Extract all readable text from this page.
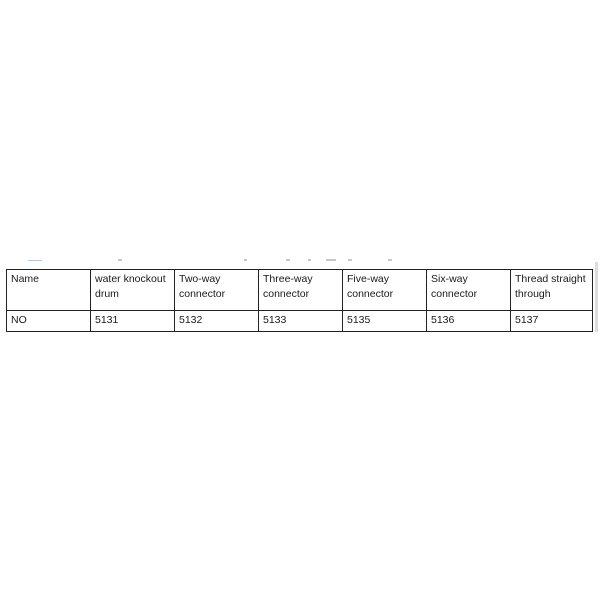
Name	water knockout drum	Two-way connector	Three-way connector	Five-way connector	Six-way connector	Thread straight through
NO	5131	5132	5133	5135	5136	5137
